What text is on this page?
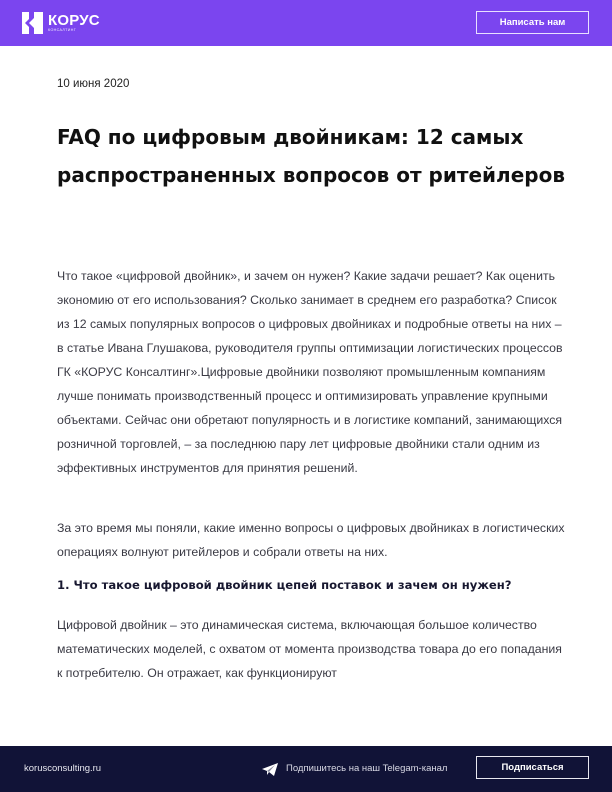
КОРУС
КОНСАЛТИНГ
Написать нам
10 июня 2020
FAQ по цифровым двойникам: 12 самых распространенных вопросов от ритейлеров

Что такое «цифровой двойник», и зачем он нужен? Какие задачи решает? Как оценить экономию от его использования? Сколько занимает в среднем его разработка? Список из 12 самых популярных вопросов о цифровых двойниках и подробные ответы на них – в статье Ивана Глушакова, руководителя группы оптимизации логистических процессов ГК «КОРУС Консалтинг».Цифровые двойники позволяют промышленным компаниям лучше понимать производственный процесс и оптимизировать управление крупными объектами. Сейчас они обретают популярность и в логистике компаний, занимающихся розничной торговлей, – за последнюю пару лет цифровые двойники стали одним из эффективных инструментов для принятия решений.

За это время мы поняли, какие именно вопросы о цифровых двойниках в логистических операциях волнуют ритейлеров и собрали ответы на них.

1. Что такое цифровой двойник цепей поставок и зачем он нужен?

Цифровой двойник – это динамическая система, включающая большое количество математических моделей, с охватом от момента производства товара до его попадания к потребителю. Он отражает, как функционируют

korusconsulting.ru	Подпишитесь на наш Telegam-канал	Подписаться
